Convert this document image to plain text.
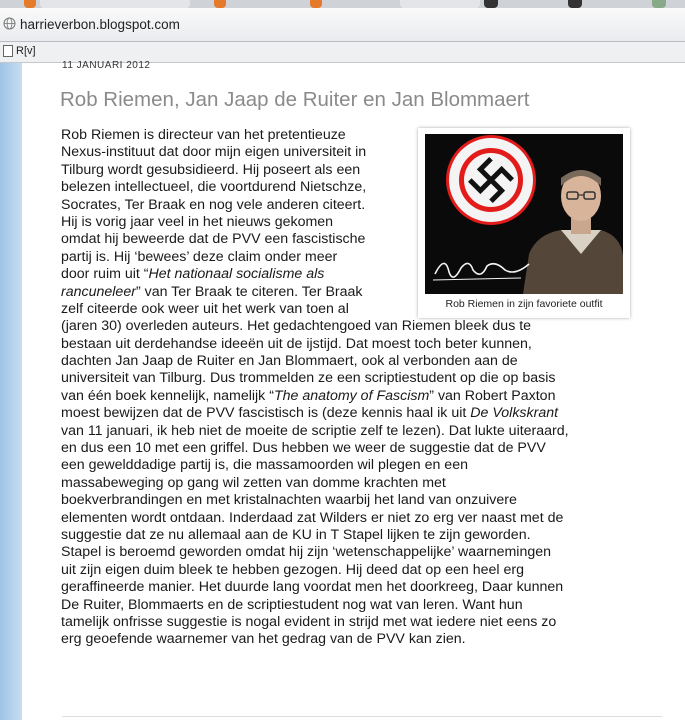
harrieverbon.blogspot.com
R[v]
11 JANUARI 2012
Rob Riemen, Jan Jaap de Ruiter en Jan Blommaert
Rob Riemen in zijn favoriete outfit
Rob Riemen is directeur van het pretentieuze
Nexus-instituut dat door mijn eigen universiteit in
Tilburg wordt gesubsidieerd. Hij poseert als een
belezen intellectueel, die voortdurend Nietschze,
Socrates, Ter Braak en nog vele anderen citeert.
Hij is vorig jaar veel in het nieuws gekomen
omdat hij beweerde dat de PVV een fascistische
partij is. Hij ‘bewees’ deze claim onder meer
door ruim uit “Het nationaal socialisme als
rancuneleer” van Ter Braak te citeren. Ter Braak
zelf citeerde ook weer uit het werk van toen al
(jaren 30) overleden auteurs. Het gedachtengoed van Riemen bleek dus te
bestaan uit derdehandse ideeën uit de ijstijd. Dat moest toch beter kunnen,
dachten Jan Jaap de Ruiter en Jan Blommaert, ook al verbonden aan de
universiteit van Tilburg. Dus trommelden ze een scriptiestudent op die op basis
van één boek kennelijk, namelijk “The anatomy of Fascism” van Robert Paxton
moest bewijzen dat de PVV fascistisch is (deze kennis haal ik uit De Volkskrant
van 11 januari, ik heb niet de moeite de scriptie zelf te lezen). Dat lukte uiteraard,
en dus een 10 met een griffel. Dus hebben we weer de suggestie dat de PVV
een gewelddadige partij is, die massamoorden wil plegen en een
massabeweging op gang wil zetten van domme krachten met
boekverbrandingen en met kristalnachten waarbij het land van onzuivere
elementen wordt ontdaan. Inderdaad zat Wilders er niet zo erg ver naast met de
suggestie dat ze nu allemaal aan de KU in T Stapel lijken te zijn geworden.
Stapel is beroemd geworden omdat hij zijn ‘wetenschappelijke’ waarnemingen
uit zijn eigen duim bleek te hebben gezogen. Hij deed dat op een heel erg
geraffineerde manier. Het duurde lang voordat men het doorkreeg, Daar kunnen
De Ruiter, Blommaerts en de scriptiestudent nog wat van leren. Want hun
tamelijk onfrisse suggestie is nogal evident in strijd met wat iedere niet eens zo
erg geoefende waarnemer van het gedrag van de PVV kan zien.
